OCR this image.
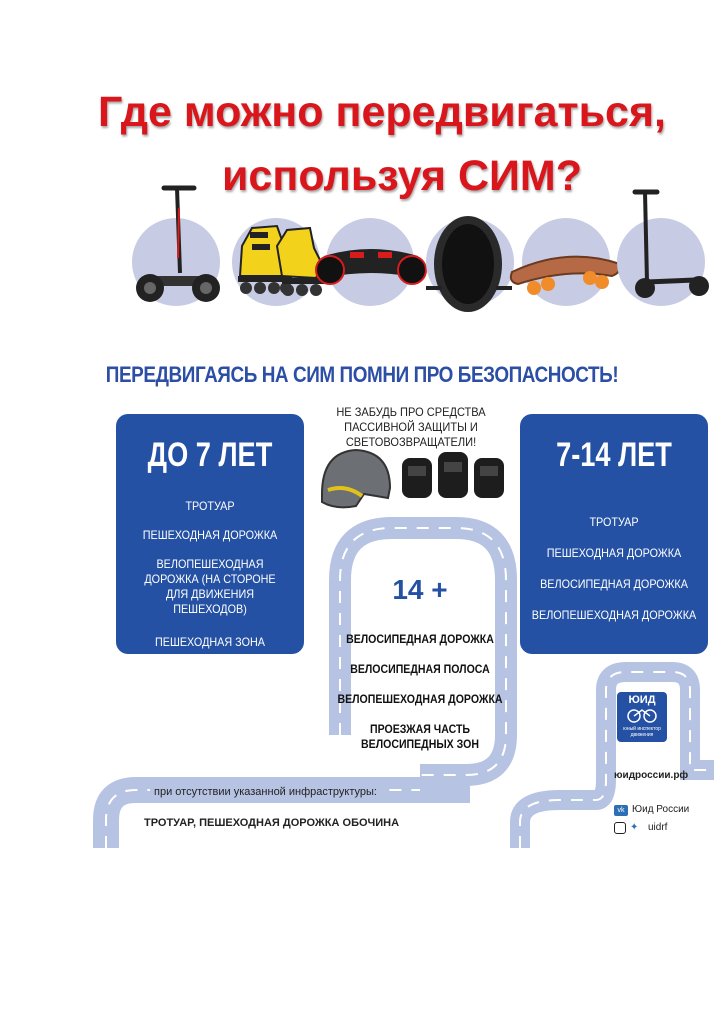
Где можно передвигаться,
используя СИМ?
ПЕРЕДВИГАЯСЬ НА СИМ ПОМНИ ПРО БЕЗОПАСНОСТЬ!
ДО 7 ЛЕТ
ТРОТУАР
ПЕШЕХОДНАЯ ДОРОЖКА
ВЕЛОПЕШЕХОДНАЯ ДОРОЖКА (НА СТОРОНЕ ДЛЯ ДВИЖЕНИЯ ПЕШЕХОДОВ)
ПЕШЕХОДНАЯ ЗОНА
7-14 ЛЕТ
ТРОТУАР
ПЕШЕХОДНАЯ ДОРОЖКА
ВЕЛОСИПЕДНАЯ ДОРОЖКА
ВЕЛОПЕШЕХОДНАЯ ДОРОЖКА
НЕ ЗАБУДЬ ПРО СРЕДСТВА ПАССИВНОЙ ЗАЩИТЫ И СВЕТОВОЗВРАЩАТЕЛИ!
14 +
ВЕЛОСИПЕДНАЯ ДОРОЖКА
ВЕЛОСИПЕДНАЯ ПОЛОСА
ВЕЛОПЕШЕХОДНАЯ ДОРОЖКА
ПРОЕЗЖАЯ ЧАСТЬ ВЕЛОСИПЕДНЫХ ЗОН
при отсутствии указанной инфраструктуры:
ТРОТУАР, ПЕШЕХОДНАЯ ДОРОЖКА ОБОЧИНА
ЮИД
юный инспектор движения
юидроссии.рф
vk Юид России
✦ uidrf
